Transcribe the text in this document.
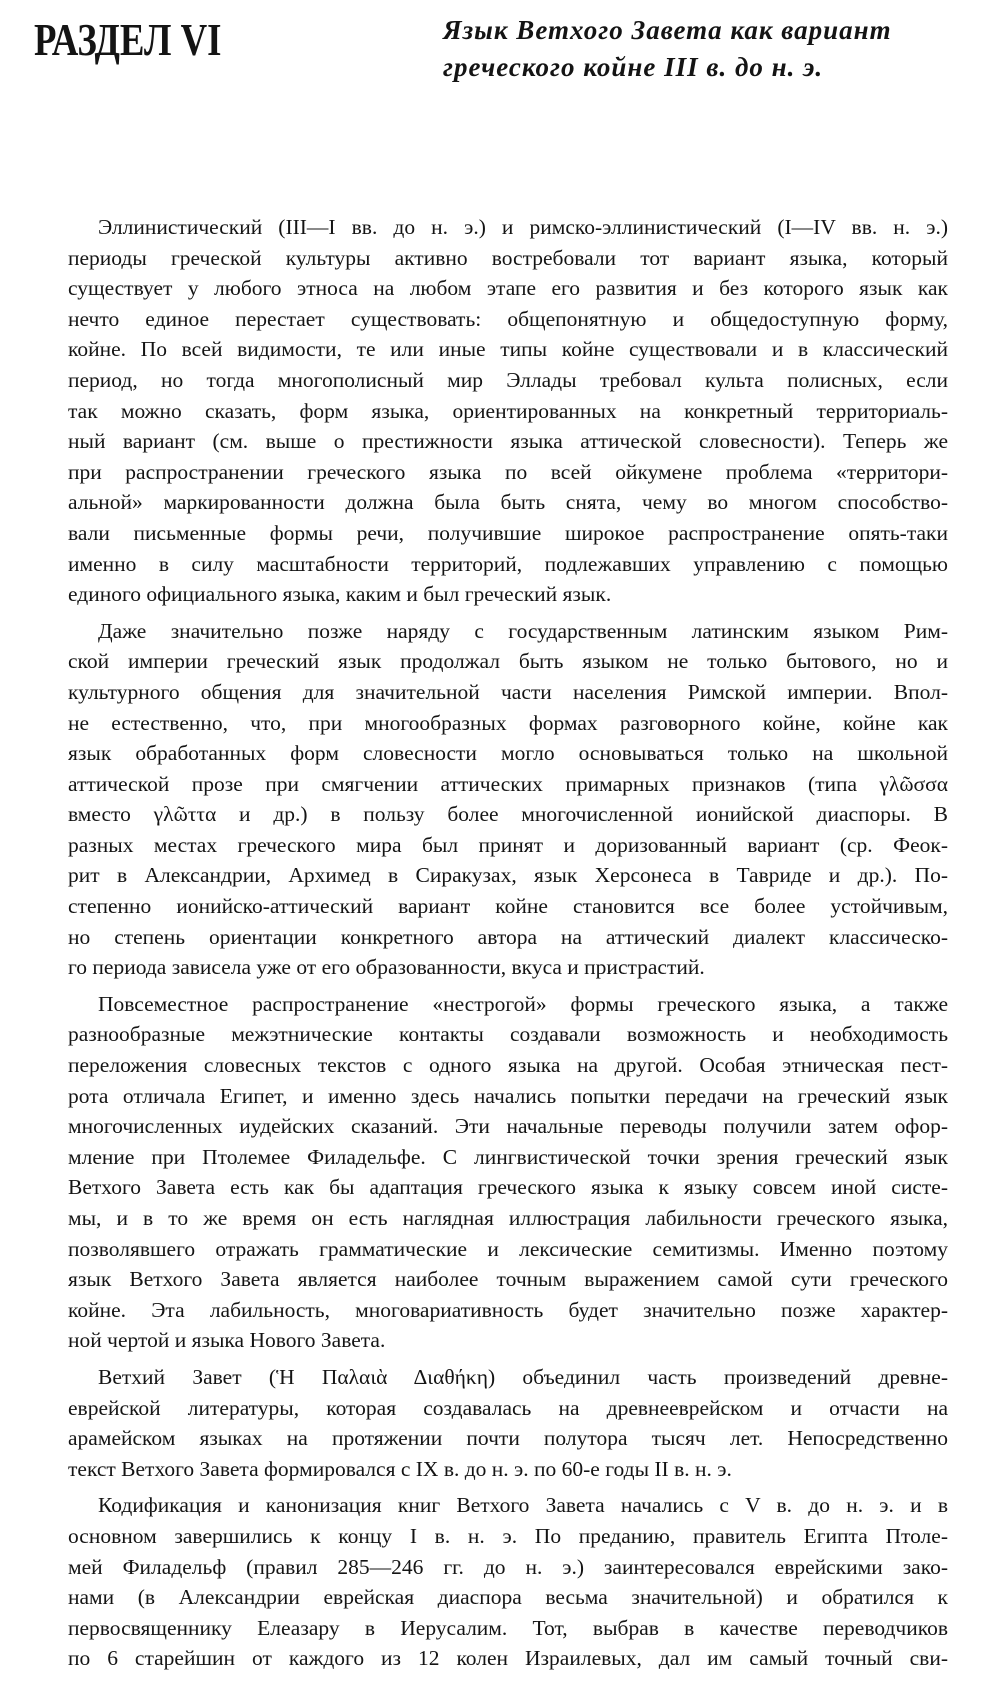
РАЗДЕЛ VI	Язык Ветхого Завета как вариант
греческого койне III в. до н. э.

Эллинистический (III—I вв. до н. э.) и римско-эллинистический (I—IV вв. н. э.)
периоды греческой культуры активно востребовали тот вариант языка, который
существует у любого этноса на любом этапе его развития и без которого язык как
нечто единое перестает существовать: общепонятную и общедоступную форму,
койне. По всей видимости, те или иные типы койне существовали и в классический
период, но тогда многополисный мир Эллады требовал культа полисных, если
так можно сказать, форм языка, ориентированных на конкретный территориаль-
ный вариант (см. выше о престижности языка аттической словесности). Теперь же
при распространении греческого языка по всей ойкумене проблема «территори-
альной» маркированности должна была быть снята, чему во многом способство-
вали письменные формы речи, получившие широкое распространение опять-таки
именно в силу масштабности территорий, подлежавших управлению с помощью
единого официального языка, каким и был греческий язык.

Даже значительно позже наряду с государственным латинским языком Рим-
ской империи греческий язык продолжал быть языком не только бытового, но и
культурного общения для значительной части населения Римской империи. Впол-
не естественно, что, при многообразных формах разговорного койне, койне как
язык обработанных форм словесности могло основываться только на школьной
аттической прозе при смягчении аттических примарных признаков (типа γλῶσσα
вместо γλῶττα и др.) в пользу более многочисленной ионийской диаспоры. В
разных местах греческого мира был принят и доризованный вариант (ср. Феок-
рит в Александрии, Архимед в Сиракузах, язык Херсонеса в Тавриде и др.). По-
степенно ионийско-аттический вариант койне становится все более устойчивым,
но степень ориентации конкретного автора на аттический диалект классическо-
го периода зависела уже от его образованности, вкуса и пристрастий.

Повсеместное распространение «нестрогой» формы греческого языка, а также
разнообразные межэтнические контакты создавали возможность и необходимость
переложения словесных текстов с одного языка на другой. Особая этническая пест-
рота отличала Египет, и именно здесь начались попытки передачи на греческий язык
многочисленных иудейских сказаний. Эти начальные переводы получили затем офор-
мление при Птолемее Филадельфе. С лингвистической точки зрения греческий язык
Ветхого Завета есть как бы адаптация греческого языка к языку совсем иной систе-
мы, и в то же время он есть наглядная иллюстрация лабильности греческого языка,
позволявшего отражать грамматические и лексические семитизмы. Именно поэтому
язык Ветхого Завета является наиболее точным выражением самой сути греческого
койне. Эта лабильность, многовариативность будет значительно позже характер-
ной чертой и языка Нового Завета.

Ветхий Завет (Ἡ Παλαιὰ Διαθήκη) объединил часть произведений древне-
еврейской литературы, которая создавалась на древнееврейском и отчасти на
арамейском языках на протяжении почти полутора тысяч лет. Непосредственно
текст Ветхого Завета формировался с IX в. до н. э. по 60-е годы II в. н. э.

Кодификация и канонизация книг Ветхого Завета начались с V в. до н. э. и в
основном завершились к концу I в. н. э. По преданию, правитель Египта Птоле-
мей Филадельф (правил 285—246 гг. до н. э.) заинтересовался еврейскими зако-
нами (в Александрии еврейская диаспора весьма значительной) и обратился к
первосвященнику Елеазару в Иерусалим. Тот, выбрав в качестве переводчиков
по 6 старейшин от каждого из 12 колен Израилевых, дал им самый точный сви-
